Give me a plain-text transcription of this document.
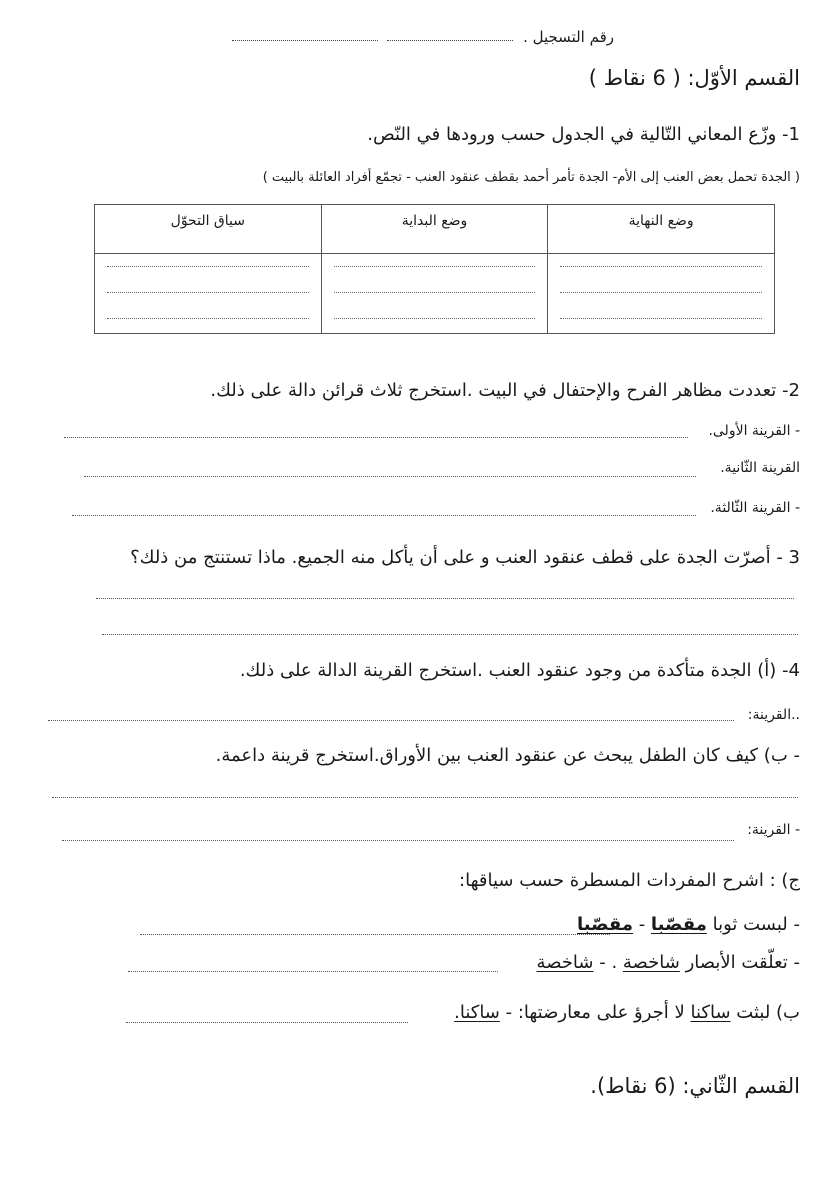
رقم التسجيل .
القسم الأوّل: ( 6 نقاط )
1- وزّع المعاني التّالية في الجدول حسب ورودها في النّص.
( الجدة تحمل بعض العنب إلى الأم- الجدة تأمر أحمد بقطف عنقود العنب - تجمّع أفراد العائلة بالبيت )
وضع النهاية	وضع البداية	سياق التحوّل

2- تعددت مظاهر الفرح والإحتفال في البيت .استخرج ثلاث قرائن دالة على ذلك.
- القرينة الأولى.
القرينة الثّانية.
- القرينة الثّالثة.
3 - أصرّت الجدة على قطف عنقود العنب و على أن يأكل منه الجميع. ماذا تستنتج من ذلك؟
4- (أ) الجدة متأكدة من وجود عنقود العنب .استخرج القرينة الدالة على ذلك.
..القرينة:
- ب) كيف كان الطفل يبحث عن عنقود العنب بين الأوراق.استخرج قرينة داعمة.
- القرينة:
ج) : اشرح المفردات المسطرة حسب سياقها:
- لبست ثوبا مقصّبا - مقصّبا
- تعلّقت الأبصار شاخصة . - شاخصة
ب) لبثت ساكنا لا أجرؤ على معارضتها: - ساكنا.
القسم الثّاني: (6 نقاط).
